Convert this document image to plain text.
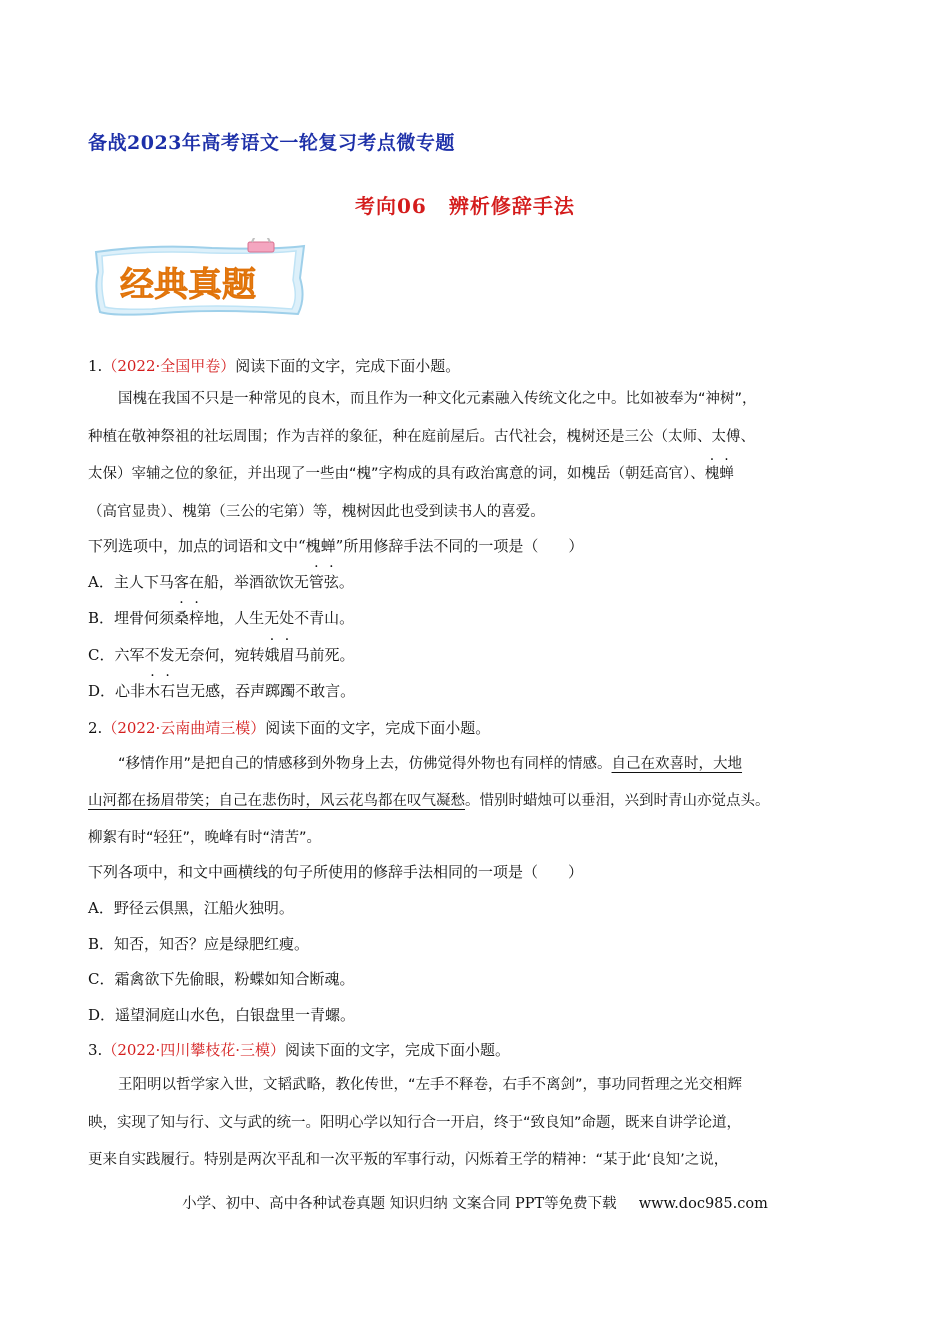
备战2023年高考语文一轮复习考点微专题
考向06 辨析修辞手法
经典真题
1.（2022·全国甲卷）阅读下面的文字，完成下面小题。
国槐在我国不只是一种常见的良木，而且作为一种文化元素融入传统文化之中。比如被奉为“神树”，
种植在敬神祭祖的社坛周围；作为吉祥的象征，种在庭前屋后。古代社会，槐树还是三公（太师、太傅、
太保）宰辅之位的象征，并出现了一些由“槐”字构成的具有政治寓意的词，如槐岳（朝廷高官）、槐蝉
（高官显贵）、槐第（三公的宅第）等，槐树因此也受到读书人的喜爱。
下列选项中，加点的词语和文中“槐蝉”所用修辞手法不同的一项是（　　）
A．主人下马客在船，举酒欲饮无管弦。
B．埋骨何须桑梓地，人生无处不青山。
C．六军不发无奈何，宛转娥眉马前死。
D．心非木石岂无感，吞声踯躅不敢言。
2.（2022·云南曲靖三模）阅读下面的文字，完成下面小题。
“移情作用”是把自己的情感移到外物身上去，仿佛觉得外物也有同样的情感。自己在欢喜时，大地
山河都在扬眉带笑；自己在悲伤时，风云花鸟都在叹气凝愁。惜别时蜡烛可以垂泪，兴到时青山亦觉点头。
柳絮有时“轻狂”，晚峰有时“清苦”。
下列各项中，和文中画横线的句子所使用的修辞手法相同的一项是（　　）
A．野径云俱黑，江船火独明。
B．知否，知否？应是绿肥红瘦。
C．霜禽欲下先偷眼，粉蝶如知合断魂。
D．遥望洞庭山水色，白银盘里一青螺。
3.（2022·四川攀枝花·三模）阅读下面的文字，完成下面小题。
王阳明以哲学家入世，文韬武略，教化传世，“左手不释卷，右手不离剑”，事功同哲理之光交相辉
映，实现了知与行、文与武的统一。阳明心学以知行合一开启，终于“致良知”命题，既来自讲学论道，
更来自实践履行。特别是两次平乱和一次平叛的军事行动，闪烁着王学的精神：“某于此‘良知’之说，
小学、初中、高中各种试卷真题 知识归纳 文案合同 PPT等免费下载 www.doc985.com
